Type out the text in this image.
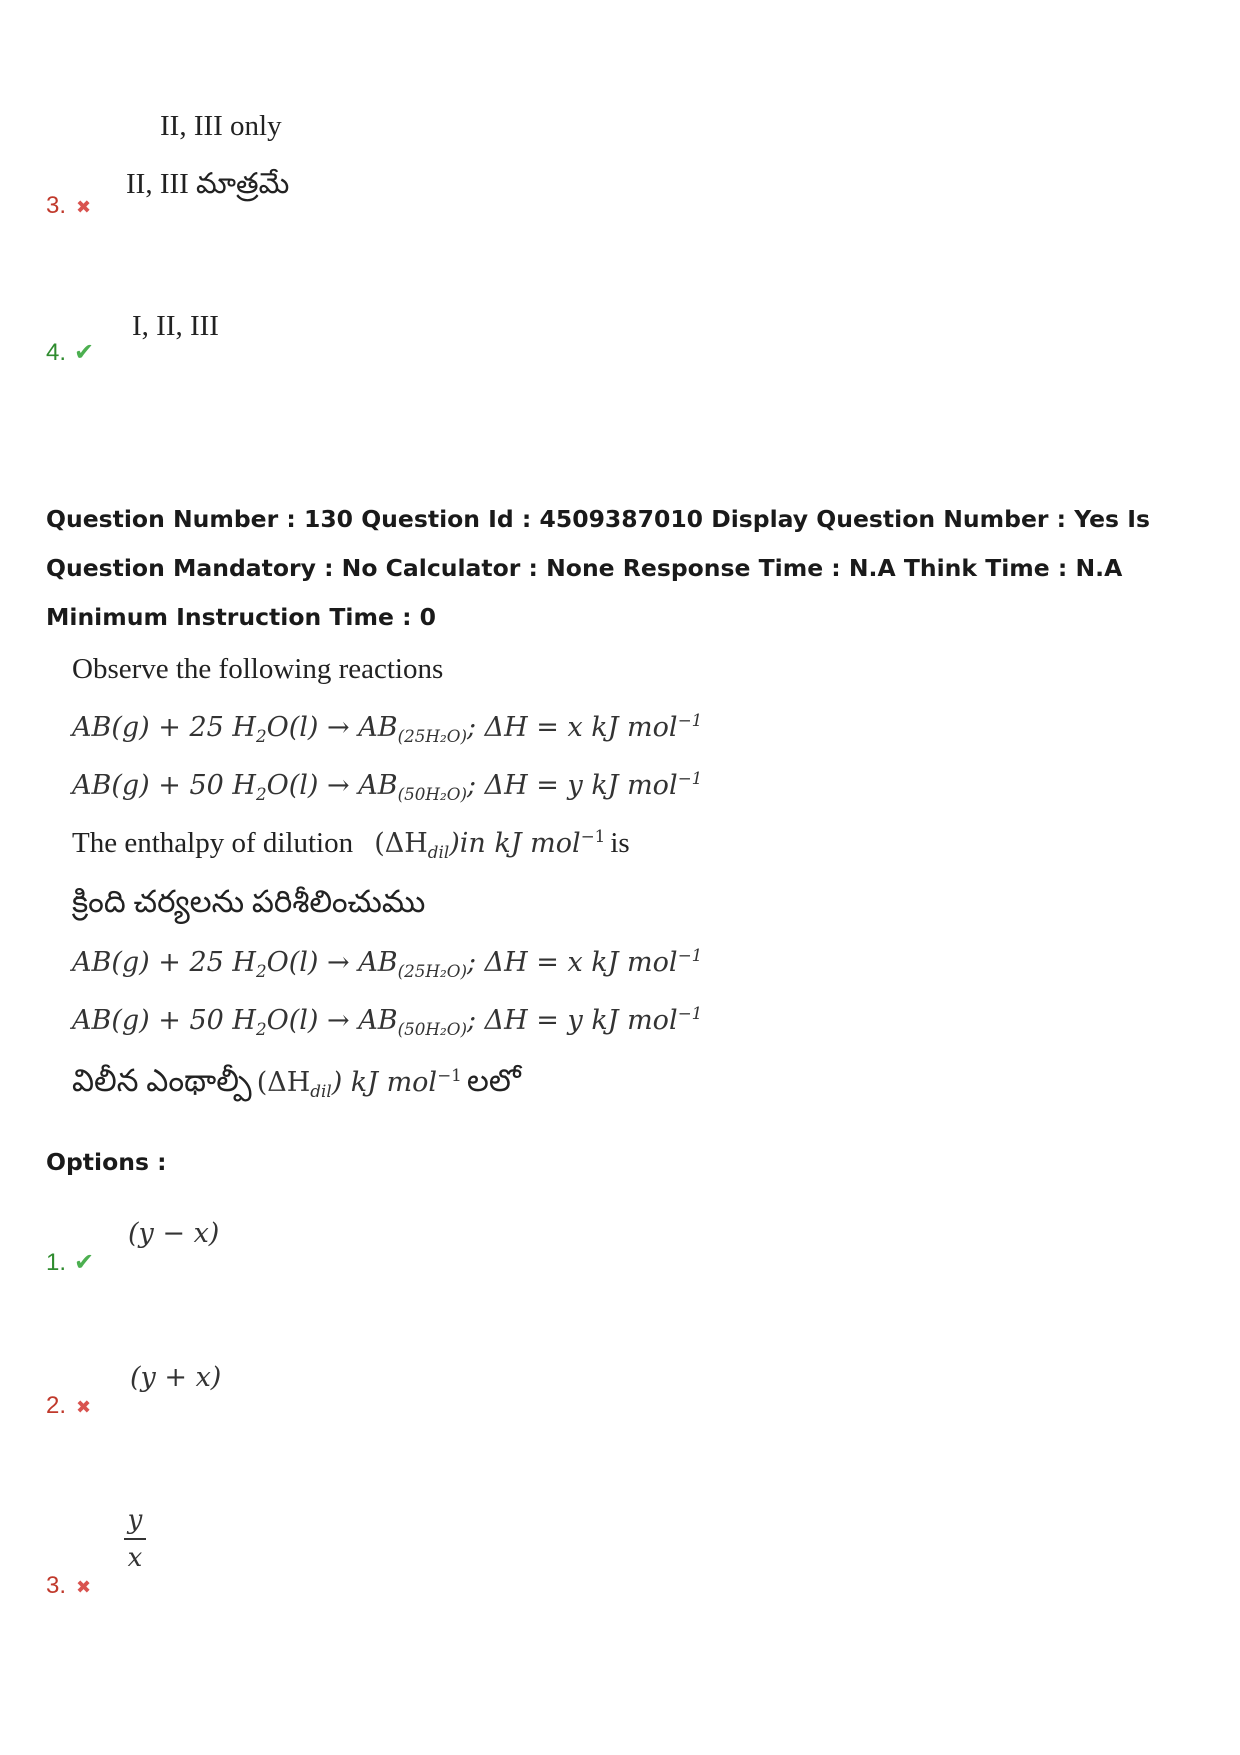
II, III only
3. ✖
II, III మాత్రమే
I, II, III
4. ✔
Question Number : 130 Question Id : 4509387010 Display Question Number : Yes Is Question Mandatory : No Calculator : None Response Time : N.A Think Time : N.A Minimum Instruction Time : 0
Observe the following reactions
AB(g) + 25 $H_2O(l) \to AB_{(25H_2O)}$; ΔH = x kJ mol$^{-1}$
AB(g) + 50 $H_2O(l) \to AB_{(50H_2O)}$; ΔH = y kJ mol$^{-1}$
The enthalpy of dilution $(\Delta H_{dil})in$ kJ mol$^{-1}$ is
క్రింది చర్యలను పరిశీలించుము
AB(g) + 25 $H_2O(l) \to AB_{(25H_2O)}$; ΔH = x kJ mol$^{-1}$
AB(g) + 50 $H_2O(l) \to AB_{(50H_2O)}$; ΔH = y kJ mol$^{-1}$
విలీన ఎంథాల్పీ $(\Delta H_{dil})$ kJ mol$^{-1}$ లలో
Options :
(y − x)
1. ✔
(y + x)
2. ✖
y
x
3. ✖
